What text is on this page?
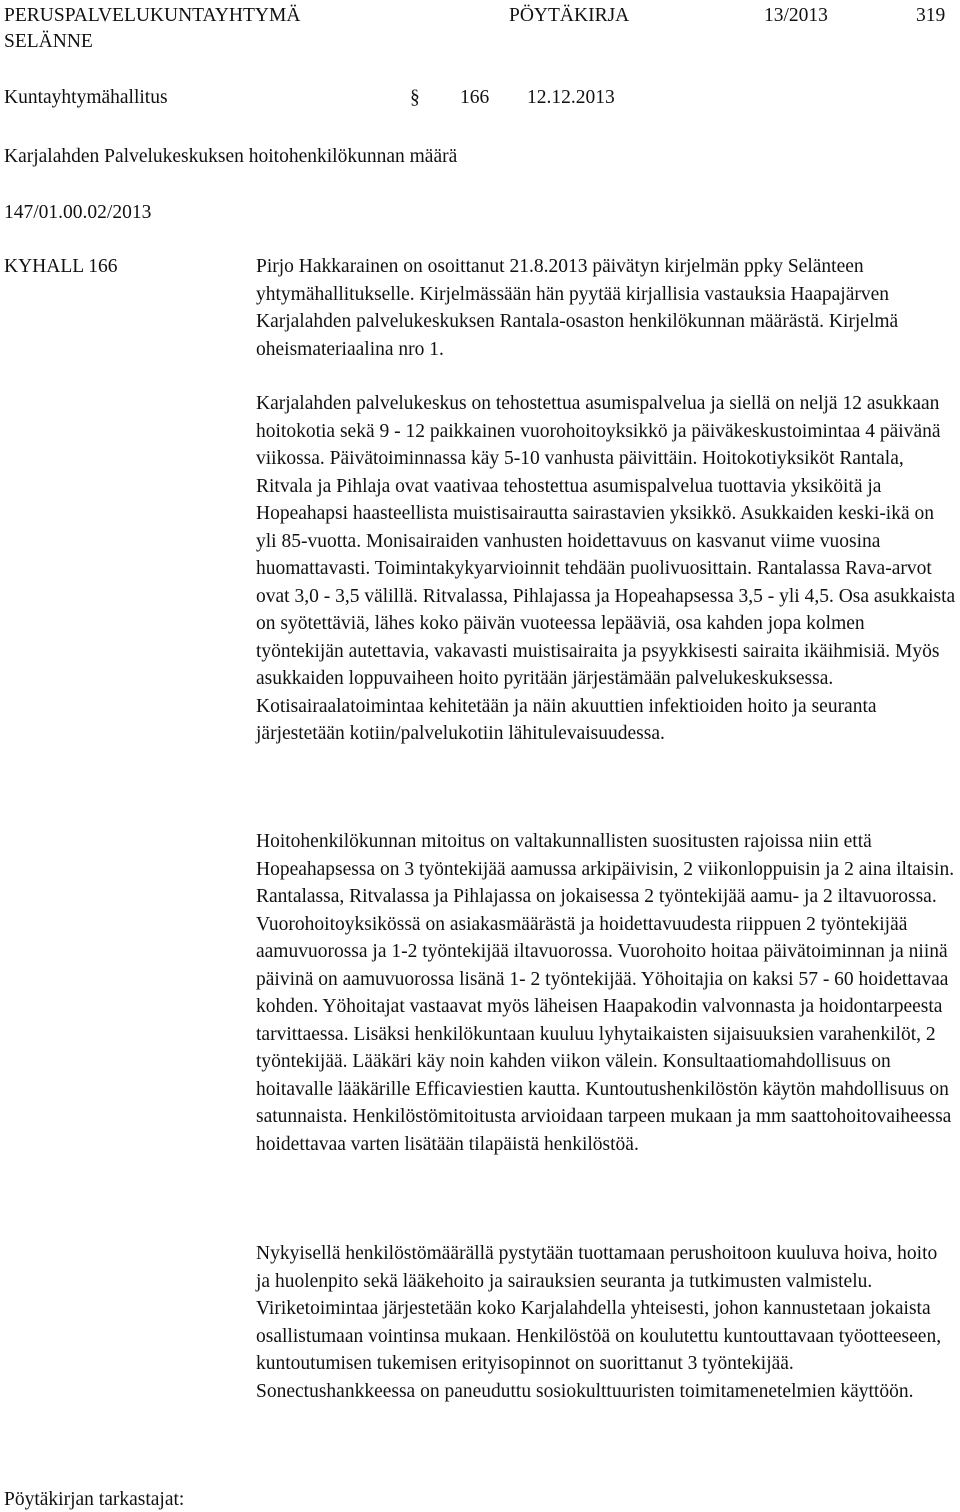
PERUSPALVELUKUNTAYHTYMÄ
SELÄNNE
PÖYTÄKIRJA	13/2013	319
Kuntayhtymähallitus	§ 166 12.12.2013
Karjalahden Palvelukeskuksen hoitohenkilökunnan määrä
147/01.00.02/2013
KYHALL 166	Pirjo Hakkarainen on osoittanut 21.8.2013 päivätyn kirjelmän ppky Selänteen yhtymähallitukselle. Kirjelmässään hän pyytää kirjallisia vastauksia Haapajärven Karjalahden palvelukeskuksen Rantala-osaston henkilökunnan määrästä. Kirjelmä oheismateriaalina nro 1.

Karjalahden palvelukeskus on tehostettua asumispalvelua ja siellä on neljä 12 asukkaan hoitokotia sekä 9 - 12 paikkainen vuorohoitoyksikkö ja päiväkeskustoimintaa 4 päivänä viikossa. Päivätoiminnassa käy 5-10 vanhusta päivittäin. Hoitokotiyksiköt Rantala, Ritvala ja Pihlaja ovat vaativaa tehostettua asumispalvelua tuottavia yksiköitä ja Hopeahapsi haasteellista muistisairautta sairastavien yksikkö. Asukkaiden keski-ikä on yli 85-vuotta. Monisairaiden vanhusten hoidettavuus on kasvanut viime vuosina huomattavasti. Toimintakykyarvioinnit tehdään puolivuosittain. Rantalassa Rava-arvot ovat 3,0 - 3,5 välillä. Ritvalassa, Pihlajassa ja Hopeahapsessa 3,5 - yli 4,5. Osa asukkaista on syötettäviä, lähes koko päivän vuoteessa lepääviä, osa kahden jopa kolmen työntekijän autettavia, vakavasti muistisairaita ja psyykkisesti sairaita ikäihmisiä. Myös asukkaiden loppuvaiheen hoito pyritään järjestämään palvelukeskuksessa. Kotisairaalatoimintaa kehitetään ja näin akuuttien infektioiden hoito ja seuranta järjestetään kotiin/palvelukotiin lähitulevaisuudessa.

Hoitohenkilökunnan mitoitus on valtakunnallisten suositusten rajoissa niin että Hopeahapsessa on 3 työntekijää aamussa arkipäivisin, 2 viikonloppuisin ja 2 aina iltaisin. Rantalassa, Ritvalassa ja Pihlajassa on jokaisessa 2 työntekijää aamu- ja 2 iltavuorossa. Vuorohoitoyksikössä on asiakasmäärästä ja hoidettavuudesta riippuen 2 työntekijää aamuvuorossa ja 1-2 työntekijää iltavuorossa. Vuorohoito hoitaa päivätoiminnan ja niinä päivinä on aamuvuorossa lisänä 1- 2 työntekijää. Yöhoitajia on kaksi 57 - 60 hoidettavaa kohden. Yöhoitajat vastaavat myös läheisen Haapakodin valvonnasta ja hoidontarpeesta tarvittaessa. Lisäksi henkilökuntaan kuuluu lyhytaikaisten sijaisuuksien varahenkilöt, 2 työntekijää. Lääkäri käy noin kahden viikon välein. Konsultaatiomahdollisuus on hoitavalle lääkärille Efficaviestien kautta. Kuntoutushenkilöstön käytön mahdollisuus on satunnaista. Henkilöstömitoitusta arvioidaan tarpeen mukaan ja mm saattohoitovaiheessa hoidettavaa varten lisätään tilapäistä henkilöstöä.

Nykyisellä henkilöstömäärällä pystytään tuottamaan perushoitoon kuuluva hoiva, hoito ja huolenpito sekä lääkehoito ja sairauksien seuranta ja tutkimusten valmistelu. Viriketoimintaa järjestetään koko Karjalahdella yhteisesti, johon kannustetaan jokaista osallistumaan vointinsa mukaan. Henkilöstöä on koulutettu kuntouttavaan työotteeseen, kuntoutumisen tukemisen erityisopinnot on suorittanut 3 työntekijää. Sonectushankkeessa on paneuduttu sosiokulttuuristen toimitamenetelmien käyttöön.

Pöytäkirjan tarkastajat:
